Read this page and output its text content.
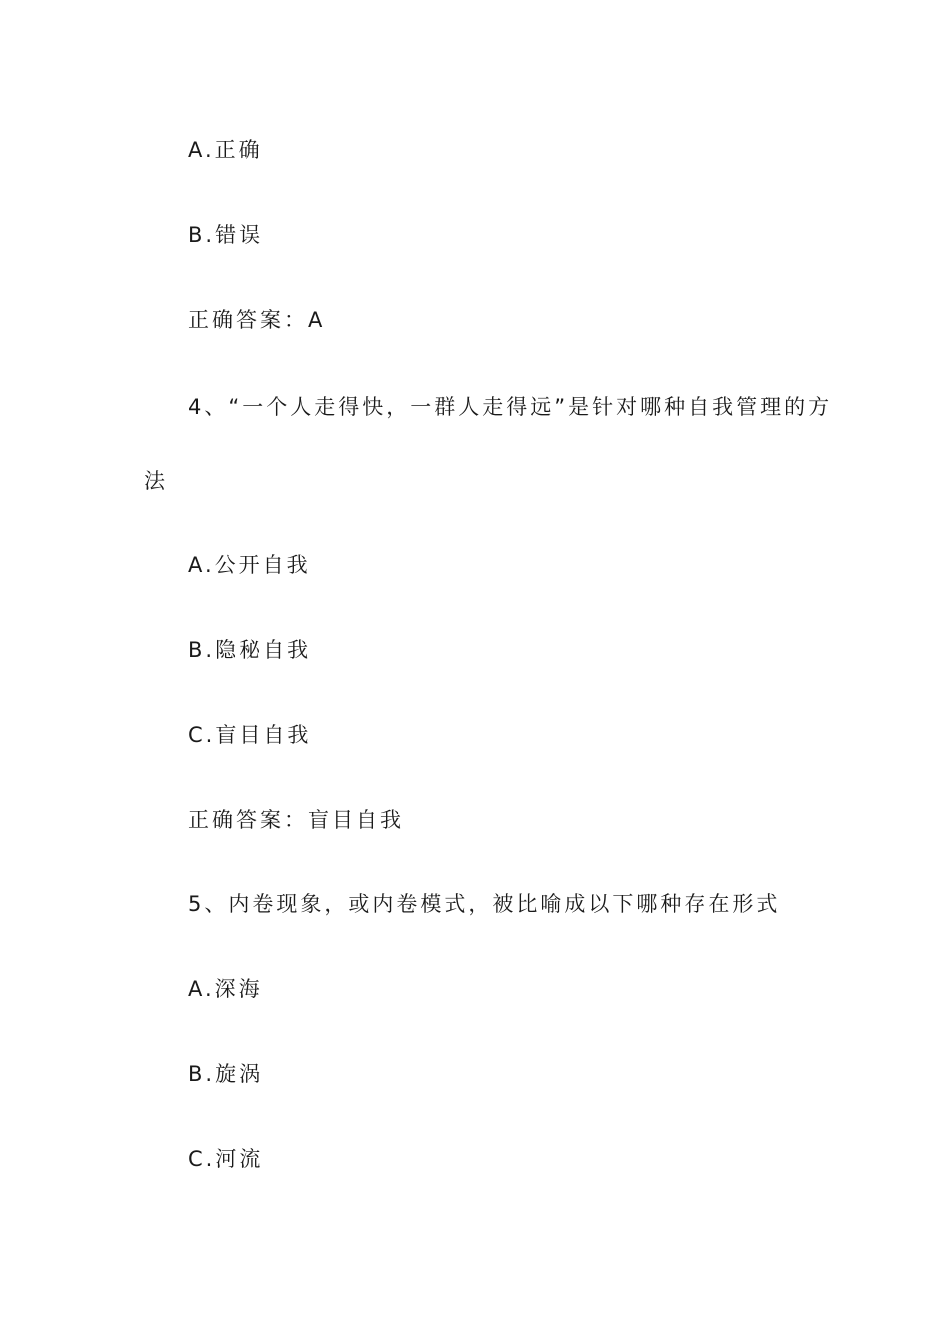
A.正确
B.错误
正确答案：A
4、“一个人走得快，一群人走得远”是针对哪种自我管理的方
法
A.公开自我
B.隐秘自我
C.盲目自我
正确答案：盲目自我
5、内卷现象，或内卷模式，被比喻成以下哪种存在形式
A.深海
B.旋涡
C.河流
